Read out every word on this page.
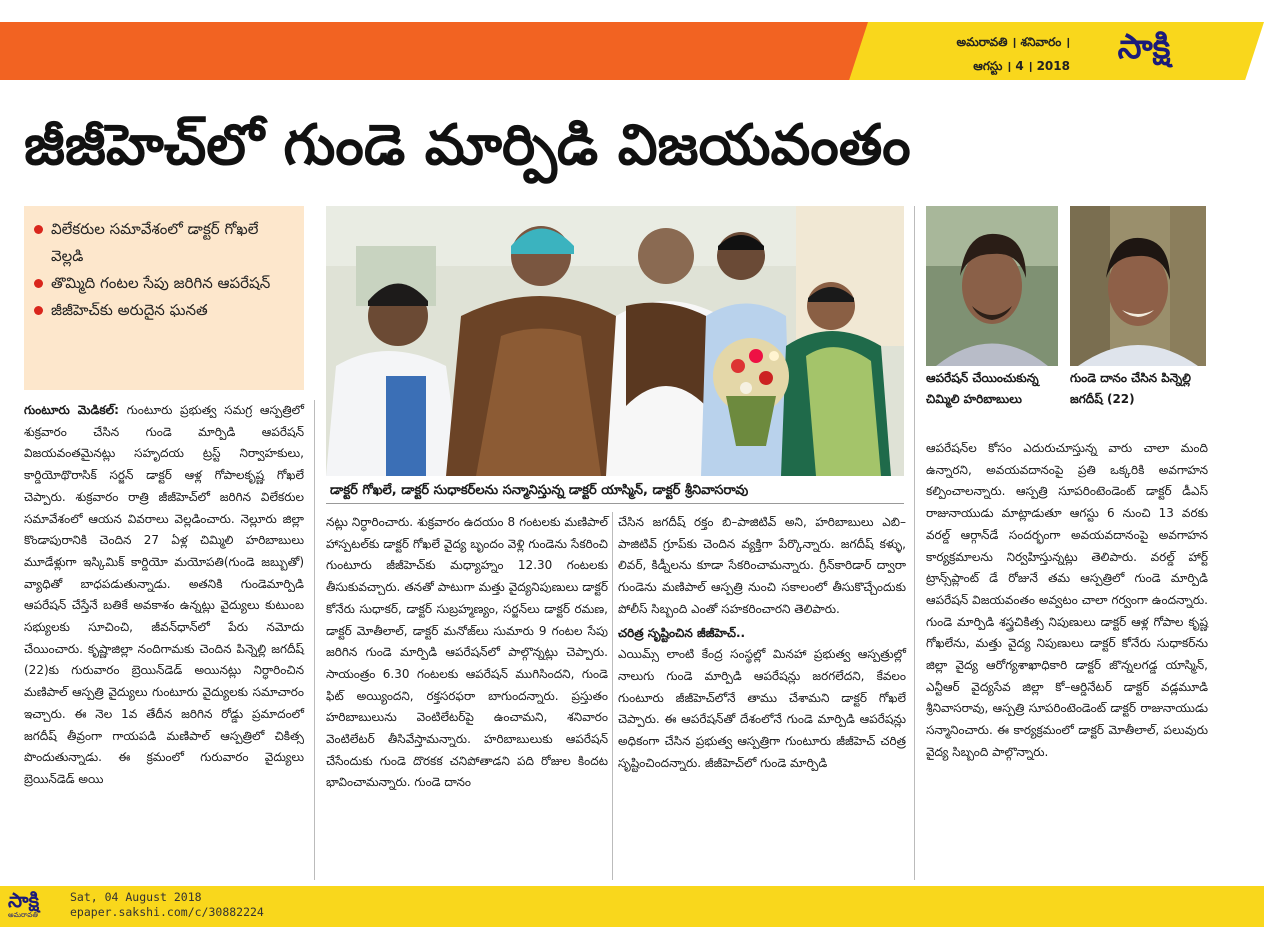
అమరావతి । శనివారం ।
ఆగస్టు । 4 । 2018 సాక్షి
జీజీహెచ్‌లో గుండె మార్పిడి విజయవంతం
విలేకరుల సమావేశంలో డాక్టర్‌ గోఖలే వెల్లడి
తొమ్మిది గంటల సేపు జరిగిన ఆపరేషన్‌
జీజీహెచ్‌కు అరుదైన ఘనత
డాక్టర్‌ గోఖలే, డాక్టర్‌ సుధాకర్‌లను సన్మానిస్తున్న డాక్టర్‌ యాస్మిన్‌, డాక్టర్‌ శ్రీనివాసరావు
ఆపరేషన్‌ చేయించుకున్న చిమ్మిలి హరిబాబులు
గుండె దానం చేసిన పిన్నెల్లి జగదీష్‌ (22)
గుంటూరు మెడికల్‌: గుంటూరు ప్రభుత్వ సమగ్ర ఆస్పత్రిలో శుక్రవారం చేసిన గుండె మార్పిడి ఆపరేషన్‌ విజయవంతమైనట్లు సహృదయ ట్రస్ట్‌ నిర్వాహకులు, కార్డియోథొరాసిక్‌ సర్జన్‌ డాక్టర్‌ ఆళ్ల గోపాలకృష్ణ గోఖలే చెప్పారు. శుక్రవారం రాత్రి జీజీహెచ్‌లో జరిగిన విలేకరుల సమావేశంలో ఆయన వివరాలు వెల్లడించారు. నెల్లూరు జిల్లా కొండాపురానికి చెందిన 27 ఏళ్ల చిమ్మిలి హరిబాబులు మూడేళ్లుగా ఇస్కిమిక్‌ కార్డియో మయోపతి(గుండె జబ్బుతో) వ్యాధితో బాధపడుతున్నాడు. అతనికి గుండెమార్పిడి ఆపరేషన్‌ చేస్తేనే బతికే అవకాశం ఉన్నట్లు వైద్యులు కుటుంబ సభ్యులకు సూచించి, జీవన్‌ధాన్‌లో పేరు నమోదు చేయించారు. కృష్ణాజిల్లా నందిగామకు చెందిన పిన్నెల్లి జగదీష్‌ (22)కు గురువారం బ్రెయిన్‌డెడ్‌ అయినట్లు నిర్ధారించిన మణిపాల్‌ ఆస్పత్రి వైద్యులు గుంటూరు వైద్యులకు సమాచారం ఇచ్చారు. ఈ నెల 1వ తేదీన జరిగిన రోడ్డు ప్రమాదంలో జగదీష్‌ తీవ్రంగా గాయపడి మణిపాల్‌ ఆస్పత్రిలో చికిత్స పొందుతున్నాడు. ఈ క్రమంలో గురువారం వైద్యులు బ్రెయిన్‌డెడ్‌ అయి
నట్లు నిర్ధారించారు. శుక్రవారం ఉదయం 8 గంటలకు మణిపాల్‌ హాస్పటల్‌కు డాక్టర్‌ గోఖలే వైద్య బృందం వెళ్లి గుండెను సేకరించి గుంటూరు జీజీహెచ్‌కు మధ్యాహ్నం 12.30 గంటలకు తీసుకువచ్చారు. తనతో పాటుగా మత్తు వైద్యనిపుణులు డాక్టర్‌ కోనేరు సుధాకర్‌, డాక్టర్‌ సుబ్రహ్మణ్యం, సర్జన్‌లు డాక్టర్‌ రమణ, డాక్టర్‌ మోతీలాల్‌, డాక్టర్‌ మనోజ్‌లు సుమారు 9 గంటల సేపు జరిగిన గుండె మార్పిడి ఆపరేషన్‌లో పాల్గొన్నట్లు చెప్పారు. సాయంత్రం 6.30 గంటలకు ఆపరేషన్‌ ముగిసిందని, గుండె ఫిట్‌ అయ్యిందని, రక్తసరఫరా బాగుందన్నారు. ప్రస్తుతం హరిబాబులును వెంటిలేటర్‌పై ఉంచామని, శనివారం వెంటిలేటర్‌ తీసివేస్తామన్నారు. హరిబాబులుకు ఆపరేషన్‌ చేసేందుకు గుండె దొరకక చనిపోతాడని పది రోజుల కిందట భావించామన్నారు. గుండె దానం
చేసిన జగదీష్‌ రక్తం బి–పాజిటివ్‌ అని, హరిబాబులు ఎబి–పాజిటివ్‌ గ్రూప్‌కు చెందిన వ్యక్తిగా పేర్కొన్నారు. జగదీష్‌ కళ్ళు, లివర్‌, కిడ్నీలను కూడా సేకరించామన్నారు. గ్రీన్‌కారిడార్‌ ద్వారా గుండెను మణిపాల్‌ ఆస్పత్రి నుంచి సకాలంలో తీసుకొచ్చేందుకు పోలీస్‌ సిబ్బంది ఎంతో సహకరించారని తెలిపారు.
చరిత్ర సృష్టించిన జీజీహెచ్‌..
ఎయిమ్స్‌ లాంటి కేంద్ర సంస్థల్లో మినహా ప్రభుత్వ ఆస్పత్రుల్లో నాలుగు గుండె మార్పిడి ఆపరేషన్లు జరగలేదని, కేవలం గుంటూరు జీజీహెచ్‌లోనే తాము చేశామని డాక్టర్‌ గోఖలే చెప్పారు. ఈ ఆపరేషన్‌తో దేశంలోనే గుండె మార్పిడి ఆపరేషన్లు అధికంగా చేసిన ప్రభుత్వ ఆస్పత్రిగా గుంటూరు జీజీహెచ్‌ చరిత్ర సృష్టించిందన్నారు. జీజీహెచ్‌లో గుండె మార్పిడి
ఆపరేషన్‌ల కోసం ఎదురుచూస్తున్న వారు చాలా మంది ఉన్నారని, అవయవదానంపై ప్రతి ఒక్కరికి అవగాహన కల్పించాలన్నారు. ఆస్పత్రి సూపరింటెండెంట్‌ డాక్టర్‌ డీఎస్‌ రాజునాయుడు మాట్లాడుతూ ఆగస్టు 6 నుంచి 13 వరకు వరల్డ్‌ ఆర్గాన్‌డే సందర్భంగా అవయవదానంపై అవగాహన కార్యక్రమాలను నిర్వహిస్తున్నట్లు తెలిపారు. వరల్డ్‌ హార్ట్‌ ట్రాన్స్‌ప్లాంట్‌ డే రోజునే తమ ఆస్పత్రిలో గుండె మార్పిడి ఆపరేషన్‌ విజయవంతం అవ్వటం చాలా గర్వంగా ఉందన్నారు. గుండె మార్పిడి శస్త్రచికిత్స నిపుణులు డాక్టర్‌ ఆళ్ల గోపాల కృష్ణ గోఖలేను, మత్తు వైద్య నిపుణులు డాక్టర్‌ కోనేరు సుధాకర్‌ను జిల్లా వైద్య ఆరోగ్యశాఖాధికారి డాక్టర్‌ జొన్నలగడ్డ యాస్మిన్‌, ఎన్టీఆర్‌ వైద్యసేవ జిల్లా కో–ఆర్డినేటర్‌ డాక్టర్‌ వడ్లమూడి శ్రీనివాసరావు, ఆస్పత్రి సూపరింటెండెంట్‌ డాక్టర్‌ రాజునాయుడు సన్మానించారు. ఈ కార్యక్రమంలో డాక్టర్‌ మోతీలాల్‌, పలువురు వైద్య సిబ్బంది పాల్గొన్నారు.
సాక్షి
అమరావతి
Sat, 04 August 2018
epaper.sakshi.com/c/30882224
